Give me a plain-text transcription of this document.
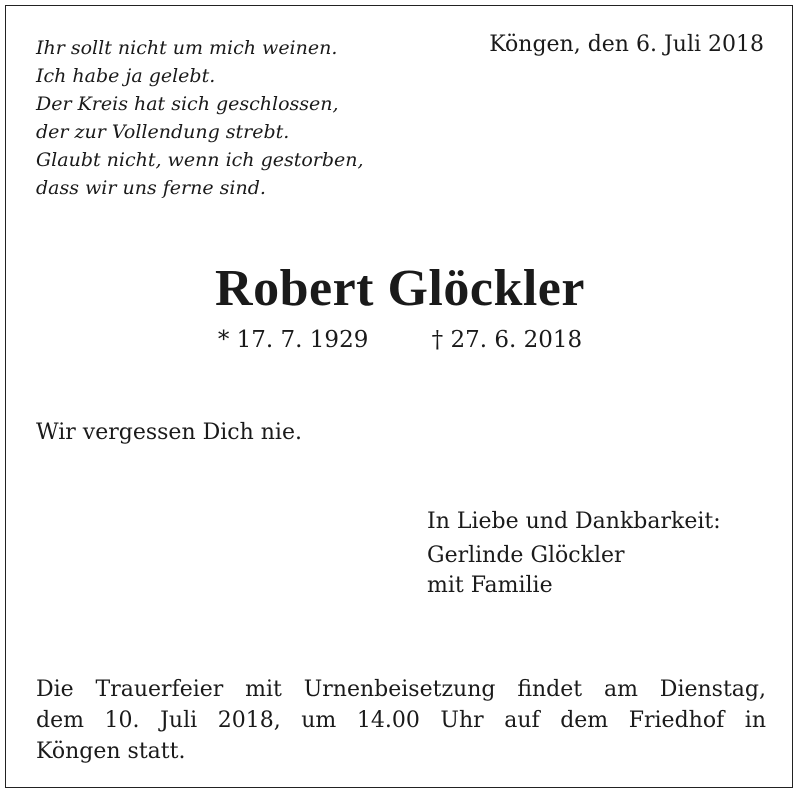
Ihr sollt nicht um mich weinen.
Ich habe ja gelebt.
Der Kreis hat sich geschlossen,
der zur Vollendung strebt.
Glaubt nicht, wenn ich gestorben,
dass wir uns ferne sind.
Köngen, den 6. Juli 2018
Robert Glöckler
* 17. 7. 1929	† 27. 6. 2018
Wir vergessen Dich nie.
In Liebe und Dankbarkeit:
Gerlinde Glöckler
mit Familie
Die Trauerfeier mit Urnenbeisetzung findet am Dienstag,
dem 10. Juli 2018, um 14.00 Uhr auf dem Friedhof in
Köngen statt.
